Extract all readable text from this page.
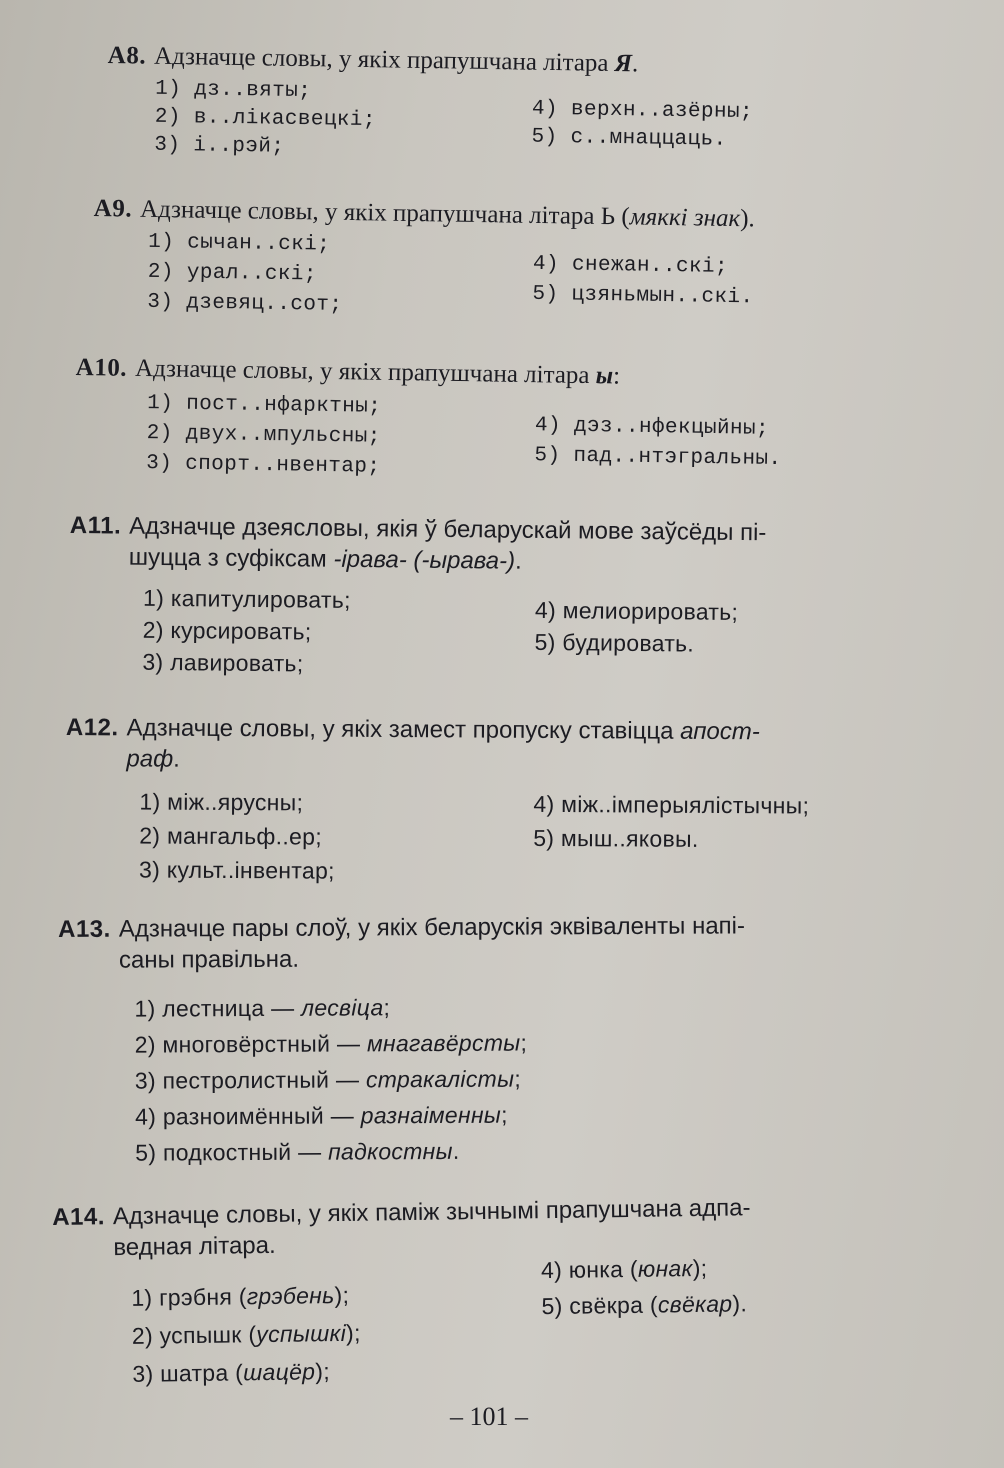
A8. Адзначце словы, у якіх прапушчана літара Я.
1) дз..вяты;
2) в..лікасвецкі;
3) і..рэй;
4) верхн..азёрны;
5) с..мнаццаць.
A9. Адзначце словы, у якіх прапушчана літара Ь (мяккі знак).
1) сычан..скі;
2) урал..скі;
3) дзевяц..сот;
4) снежан..скі;
5) цзяньмын..скі.
A10. Адзначце словы, у якіх прапушчана літара ы:
1) пост..нфарктны;
2) двух..мпульсны;
3) спорт..нвентар;
4) дэз..нфекцыйны;
5) пад..нтэгральны.
A11. Адзначце дзеясловы, якія ў беларускай мове заўсёды пі-
шуцца з суфіксам -ірава- (-ырава-).
1) капитулировать;
2) курсировать;
3) лавировать;
4) мелиорировать;
5) будировать.
A12. Адзначце словы, у якіх замест пропуску ставіцца апост-
раф.
1) між..ярусны;
2) мангальф..ер;
3) культ..інвентар;
4) між..імперыялістычны;
5) мыш..яковы.
A13. Адзначце пары слоў, у якіх беларускія эквіваленты напі-
саны правільна.
1) лестница — лесвіца;
2) многовёрстный — мнагавёрсты;
3) пестролистный — стракалісты;
4) разноимённый — разнаіменны;
5) подкостный — падкостны.
A14. Адзначце словы, у якіх паміж зычнымі прапушчана адпа-
ведная літара.
1) грэбня (грэбень);
2) успышк (успышкі);
3) шатра (шацёр);
4) юнка (юнак);
5) свёкра (свёкар).
– 101 –
